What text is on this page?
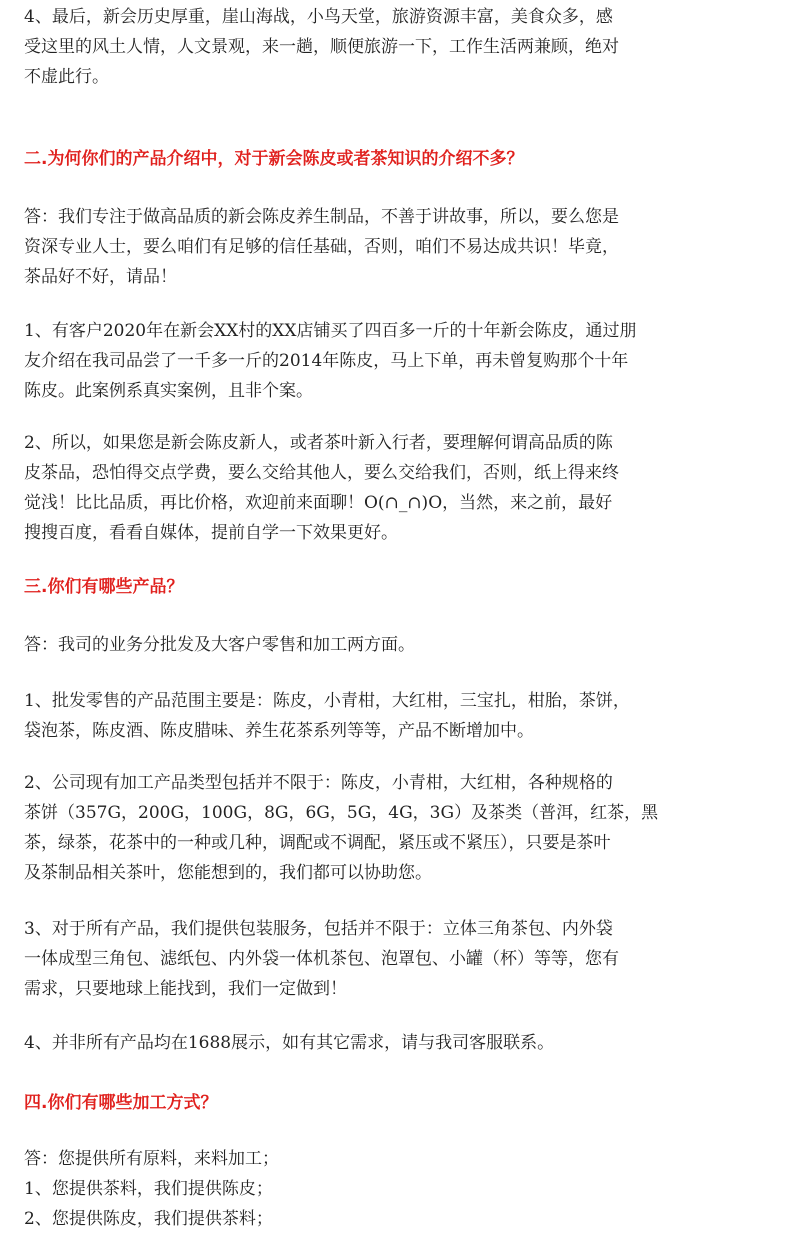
4、最后，新会历史厚重，崖山海战，小鸟天堂，旅游资源丰富，美食众多，感
受这里的风土人情，人文景观，来一趟，顺便旅游一下，工作生活两兼顾，绝对
不虚此行。
二.为何你们的产品介绍中，对于新会陈皮或者茶知识的介绍不多？
答：我们专注于做高品质的新会陈皮养生制品，不善于讲故事，所以，要么您是
资深专业人士，要么咱们有足够的信任基础，否则，咱们不易达成共识！毕竟，
茶品好不好，请品！
1、有客户2020年在新会XX村的XX店铺买了四百多一斤的十年新会陈皮，通过朋
友介绍在我司品尝了一千多一斤的2014年陈皮，马上下单，再未曾复购那个十年
陈皮。此案例系真实案例，且非个案。
2、所以，如果您是新会陈皮新人，或者茶叶新入行者，要理解何谓高品质的陈
皮茶品，恐怕得交点学费，要么交给其他人，要么交给我们，否则，纸上得来终
觉浅！比比品质，再比价格，欢迎前来面聊！O(∩_∩)O，当然，来之前，最好
搜搜百度，看看自媒体，提前自学一下效果更好。
三.你们有哪些产品？
答：我司的业务分批发及大客户零售和加工两方面。
1、批发零售的产品范围主要是：陈皮，小青柑，大红柑，三宝扎，柑胎，茶饼，
袋泡茶，陈皮酒、陈皮腊味、养生花茶系列等等，产品不断增加中。
2、公司现有加工产品类型包括并不限于：陈皮，小青柑，大红柑，各种规格的
茶饼（357G，200G，100G，8G，6G，5G，4G，3G）及茶类（普洱，红茶，黑
茶，绿茶，花茶中的一种或几种，调配或不调配，紧压或不紧压），只要是茶叶
及茶制品相关茶叶，您能想到的，我们都可以协助您。
3、对于所有产品，我们提供包装服务，包括并不限于：立体三角茶包、内外袋
一体成型三角包、滤纸包、内外袋一体机茶包、泡罩包、小罐（杯）等等，您有
需求，只要地球上能找到，我们一定做到！
4、并非所有产品均在1688展示，如有其它需求，请与我司客服联系。
四.你们有哪些加工方式？
答：您提供所有原料，来料加工；
1、您提供茶料，我们提供陈皮；
2、您提供陈皮，我们提供茶料；
